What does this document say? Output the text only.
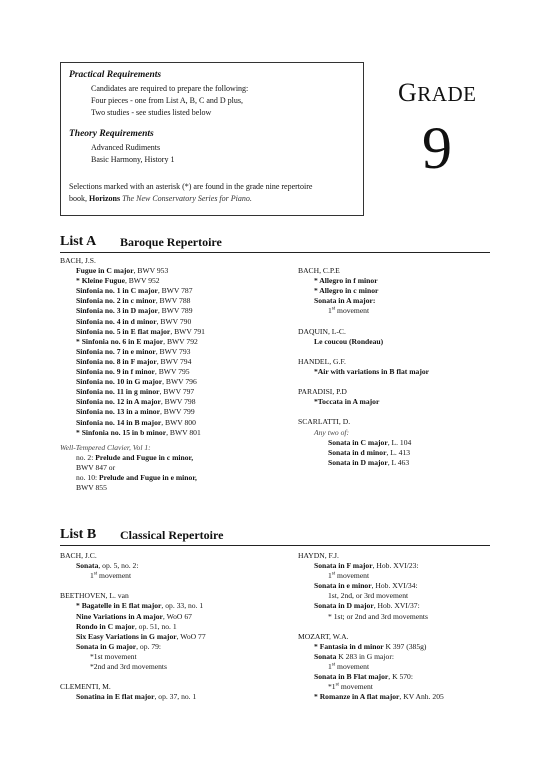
Practical Requirements
Candidates are required to prepare the following:
Four pieces - one from List A, B, C and D plus,
Two studies - see studies listed below
Theory Requirements
Advanced Rudiments
Basic Harmony, History 1
Selections marked with an asterisk (*) are found in the grade nine repertoire
book, Horizons The New Conservatory Series for Piano.
GRADE
9
List A Baroque Repertoire
BACH, J.S.
Fugue in C major, BWV 953
* Kleine Fugue, BWV 952
Sinfonia no. 1 in C major, BWV 787
Sinfonia no. 2 in c minor, BWV 788
Sinfonia no. 3 in D major, BWV 789
Sinfonia no. 4 in d minor, BWV 790
Sinfonia no. 5 in E flat major, BWV 791
* Sinfonia no. 6 in E major, BWV 792
Sinfonia no. 7 in e minor, BWV 793
Sinfonia no. 8 in F major, BWV 794
Sinfonia no. 9 in f minor, BWV 795
Sinfonia no. 10 in G major, BWV 796
Sinfonia no. 11 in g minor, BWV 797
Sinfonia no. 12 in A major, BWV 798
Sinfonia no. 13 in a minor, BWV 799
Sinfonia no. 14 in B major, BWV 800
* Sinfonia no. 15 in b minor, BWV 801
Well-Tempered Clavier, Vol 1:
no. 2: Prelude and Fugue in c minor,
BWV 847 or
no. 10: Prelude and Fugue in e minor,
BWV 855
BACH, C.P.E
* Allegro in f minor
* Allegro in c minor
Sonata in A major:
1st movement
DAQUIN, L-C.
Le coucou (Rondeau)
HANDEL, G.F.
*Air with variations in B flat major
PARADISI, P.D
*Toccata in A major
SCARLATTI, D.
Any two of:
Sonata in C major, L. 104
Sonata in d minor, L. 413
Sonata in D major, L 463
List B Classical Repertoire
BACH, J.C.
Sonata, op. 5, no. 2:
1st movement
BEETHOVEN, L. van
* Bagatelle in E flat major, op. 33, no. 1
Nine Variations in A major, WoO 67
Rondo in C major, op. 51, no. 1
Six Easy Variations in G major, WoO 77
Sonata in G major, op. 79:
*1st movement
*2nd and 3rd movements
CLEMENTI, M.
Sonatina in E flat major, op. 37, no. 1
HAYDN, F.J.
Sonata in F major, Hob. XVI/23:
1st movement
Sonata in e minor, Hob. XVI/34:
1st, 2nd, or 3rd movement
Sonata in D major, Hob. XVI/37:
* 1st; or 2nd and 3rd movements
MOZART, W.A.
* Fantasia in d minor K 397 (385g)
Sonata K 283 in G major:
1st movement
Sonata in B Flat major, K 570:
*1st movement
* Romanze in A flat major, KV Anh. 205
